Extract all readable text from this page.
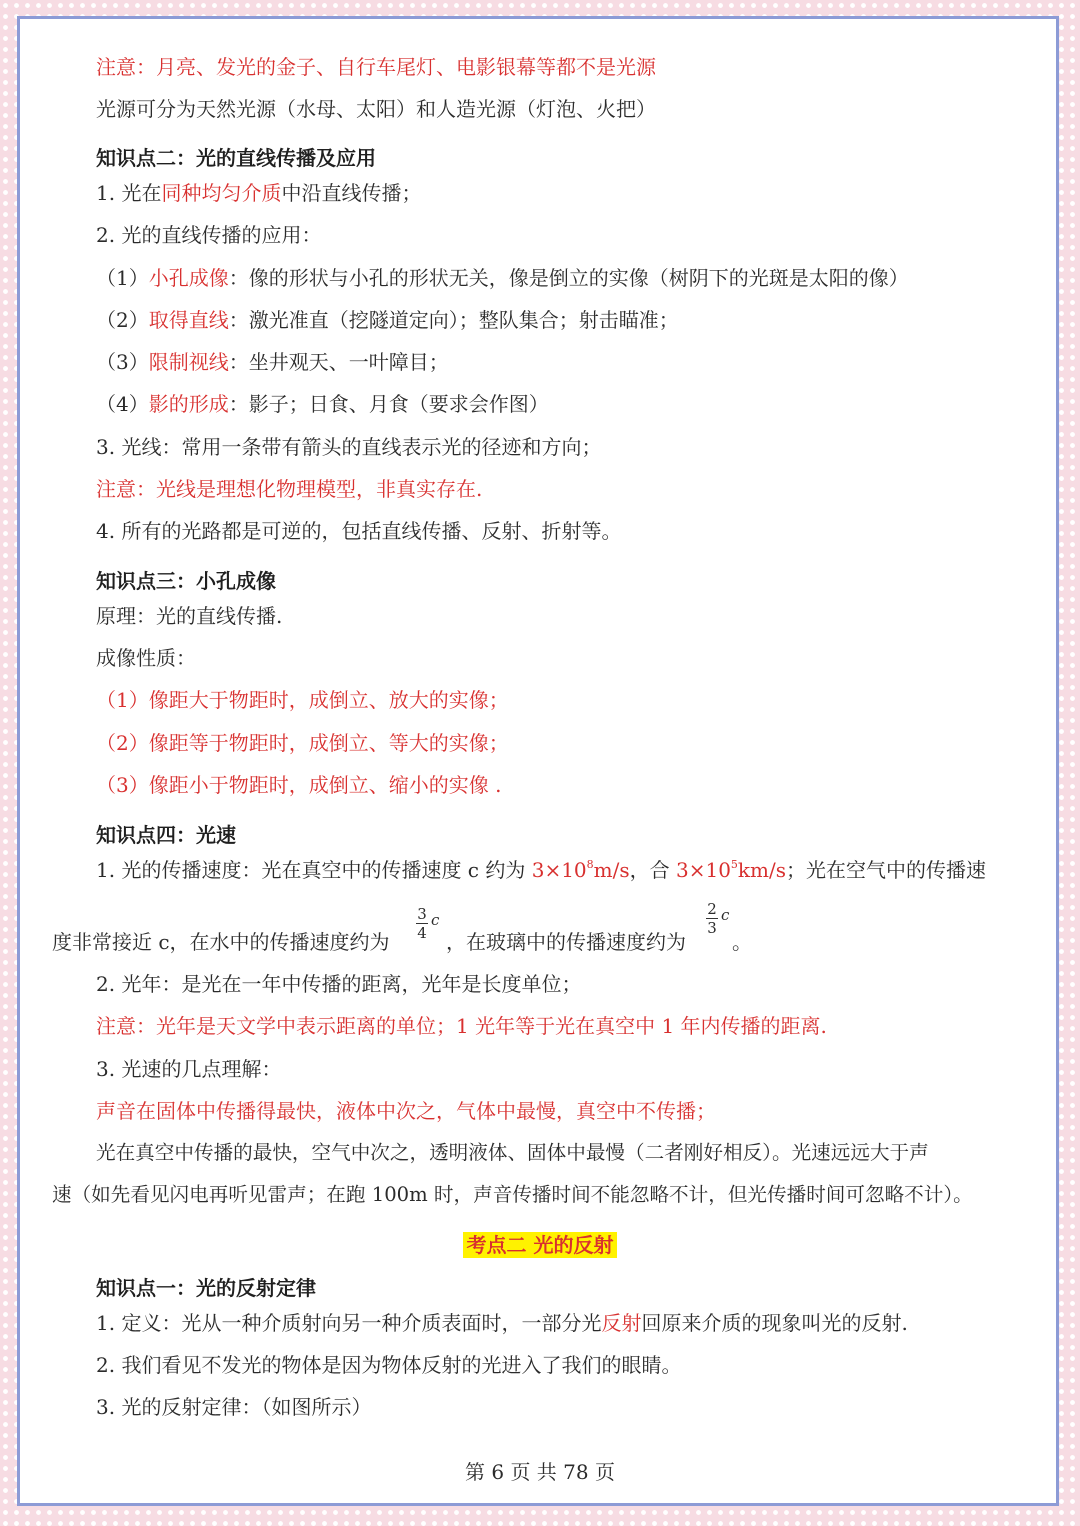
注意：月亮、发光的金子、自行车尾灯、电影银幕等都不是光源
光源可分为天然光源（水母、太阳）和人造光源（灯泡、火把）
知识点二：光的直线传播及应用
1. 光在同种均匀介质中沿直线传播；
2. 光的直线传播的应用：
（1）小孔成像：像的形状与小孔的形状无关，像是倒立的实像（树阴下的光斑是太阳的像）
（2）取得直线：激光准直（挖隧道定向）；整队集合；射击瞄准；
（3）限制视线：坐井观天、一叶障目；
（4）影的形成：影子；日食、月食（要求会作图）
3. 光线：常用一条带有箭头的直线表示光的径迹和方向；
注意：光线是理想化物理模型，非真实存在.
4. 所有的光路都是可逆的，包括直线传播、反射、折射等。
知识点三：小孔成像
原理：光的直线传播.
成像性质：
（1）像距大于物距时，成倒立、放大的实像；
（2）像距等于物距时，成倒立、等大的实像；
（3）像距小于物距时，成倒立、缩小的实像 .
知识点四：光速
1. 光的传播速度：光在真空中的传播速度 c 约为 $3\times 10^8m/s$，合 $3\times 10^5km/s$；光在空气中的传播速
度非常接近 c，在水中的传播速度约为
3
4
c
，在玻璃中的传播速度约为
2
3
c
。
2. 光年：是光在一年中传播的距离，光年是长度单位；
注意：光年是天文学中表示距离的单位；1 光年等于光在真空中 1 年内传播的距离.
3. 光速的几点理解：
声音在固体中传播得最快，液体中次之，气体中最慢，真空中不传播；
光在真空中传播的最快，空气中次之，透明液体、固体中最慢（二者刚好相反）。光速远远大于声
速（如先看见闪电再听见雷声；在跑 100m 时，声音传播时间不能忽略不计，但光传播时间可忽略不计）。
考点二 光的反射
知识点一：光的反射定律
1. 定义：光从一种介质射向另一种介质表面时，一部分光反射回原来介质的现象叫光的反射.
2. 我们看见不发光的物体是因为物体反射的光进入了我们的眼睛。
3. 光的反射定律：（如图所示）
第 6 页 共 78 页
